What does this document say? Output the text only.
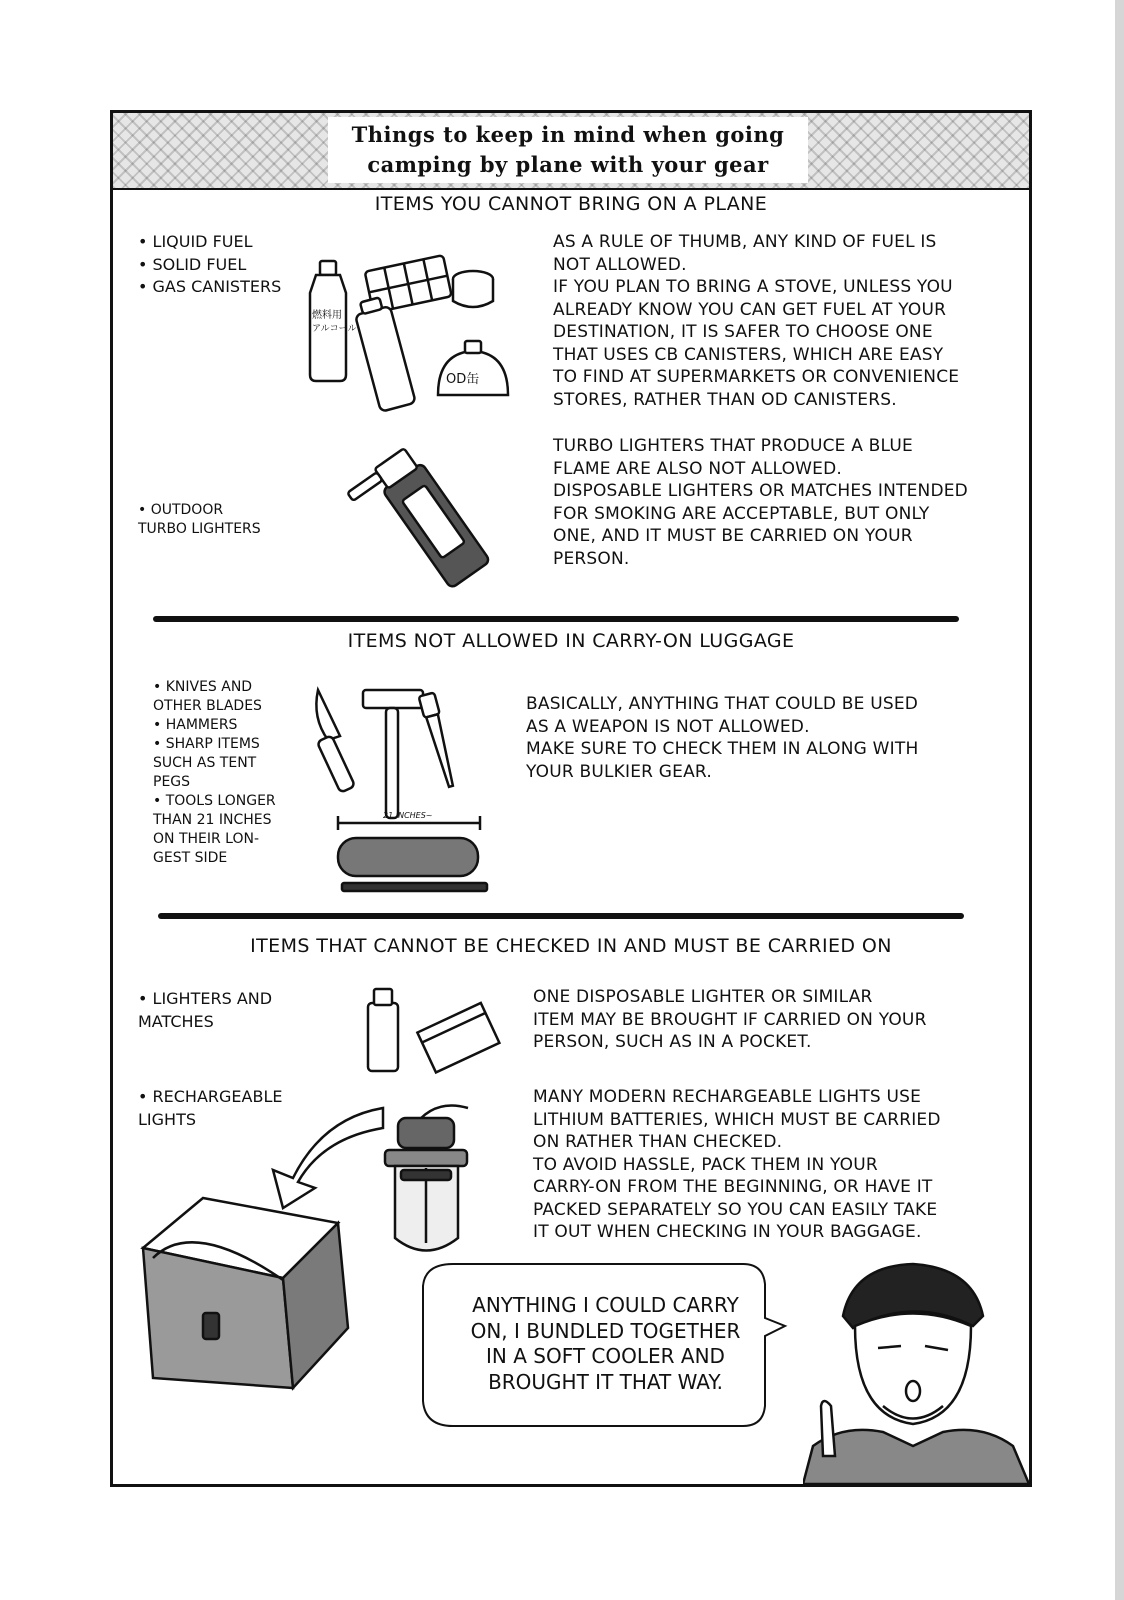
Things to keep in mind when going
camping by plane with your gear
ITEMS YOU CANNOT BRING ON A PLANE
• LIQUID FUEL
• SOLID FUEL
• GAS CANISTERS
燃料用
アルコール
OD缶
AS A RULE OF THUMB, ANY KIND OF FUEL IS
NOT ALLOWED.
IF YOU PLAN TO BRING A STOVE, UNLESS YOU
ALREADY KNOW YOU CAN GET FUEL AT YOUR
DESTINATION, IT IS SAFER TO CHOOSE ONE
THAT USES CB CANISTERS, WHICH ARE EASY
TO FIND AT SUPERMARKETS OR CONVENIENCE
STORES, RATHER THAN OD CANISTERS.
• OUTDOOR
TURBO LIGHTERS
TURBO LIGHTERS THAT PRODUCE A BLUE
FLAME ARE ALSO NOT ALLOWED.
DISPOSABLE LIGHTERS OR MATCHES INTENDED
FOR SMOKING ARE ACCEPTABLE, BUT ONLY
ONE, AND IT MUST BE CARRIED ON YOUR
PERSON.
ITEMS NOT ALLOWED IN CARRY-ON LUGGAGE
• KNIVES AND
OTHER BLADES
• HAMMERS
• SHARP ITEMS
SUCH AS TENT
PEGS
• TOOLS LONGER
THAN 21 INCHES
ON THEIR LON-
GEST SIDE
21 INCHES~
BASICALLY, ANYTHING THAT COULD BE USED
AS A WEAPON IS NOT ALLOWED.
MAKE SURE TO CHECK THEM IN ALONG WITH
YOUR BULKIER GEAR.
ITEMS THAT CANNOT BE CHECKED IN AND MUST BE CARRIED ON
• LIGHTERS AND
MATCHES
ONE DISPOSABLE LIGHTER OR SIMILAR
ITEM MAY BE BROUGHT IF CARRIED ON YOUR
PERSON, SUCH AS IN A POCKET.
• RECHARGEABLE
LIGHTS
MANY MODERN RECHARGEABLE LIGHTS USE
LITHIUM BATTERIES, WHICH MUST BE CARRIED
ON RATHER THAN CHECKED.
TO AVOID HASSLE, PACK THEM IN YOUR
CARRY-ON FROM THE BEGINNING, OR HAVE IT
PACKED SEPARATELY SO YOU CAN EASILY TAKE
IT OUT WHEN CHECKING IN YOUR BAGGAGE.
ANYTHING I COULD CARRY
ON, I BUNDLED TOGETHER
IN A SOFT COOLER AND
BROUGHT IT THAT WAY.
